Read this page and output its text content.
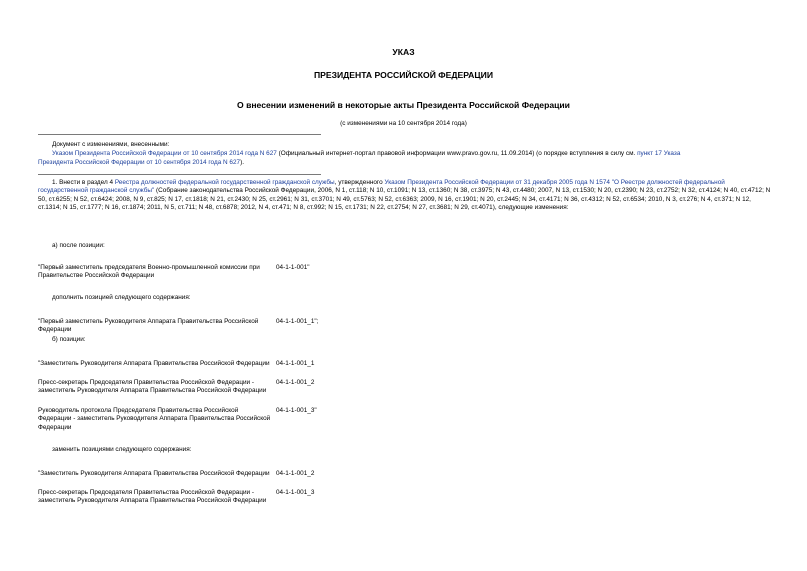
УКАЗ
ПРЕЗИДЕНТА РОССИЙСКОЙ ФЕДЕРАЦИИ
О внесении изменений в некоторые акты Президента Российской Федерации
(с изменениями на 10 сентября 2014 года)
Документ с изменениями, внесенными:
Указом Президента Российской Федерации от 10 сентября 2014 года N 627 (Официальный интернет-портал правовой информации www.pravo.gov.ru, 11.09.2014) (о порядке вступления в силу см. пункт 17 Указа
Президента Российской Федерации от 10 сентября 2014 года N 627).
1. Внести в раздел 4 Реестра должностей федеральной государственной гражданской службы, утвержденного Указом Президента Российской Федерации от 31 декабря 2005 года N 1574 "О Реестре должностей федеральной государственной гражданской службы" (Собрание законодательства Российской Федерации, 2006, N 1, ст.118; N 10, ст.1091; N 13, ст.1360; N 38, ст.3975; N 43, ст.4480; 2007, N 13, ст.1530; N 20, ст.2390; N 23, ст.2752; N 32, ст.4124; N 40, ст.4712; N 50, ст.6255; N 52, ст.6424; 2008, N 9, ст.825; N 17, ст.1818; N 21, ст.2430; N 25, ст.2961; N 31, ст.3701; N 49, ст.5763; N 52, ст.6363; 2009, N 16, ст.1901; N 20, ст.2445; N 34, ст.4171; N 36, ст.4312; N 52, ст.6534; 2010, N 3, ст.276; N 4, ст.371; N 12, ст.1314; N 15, ст.1777; N 16, ст.1874; 2011, N 5, ст.711; N 48, ст.6878; 2012, N 4, ст.471; N 8, ст.992; N 15, ст.1731; N 22, ст.2754; N 27, ст.3681; N 29, ст.4071), следующие изменения:
а) после позиции:
"Первый заместитель председателя Военно-промышленной комиссии при Правительстве Российской Федерации
04-1-1-001"
дополнить позицией следующего содержания:
"Первый заместитель Руководителя Аппарата Правительства Российской Федерации
04-1-1-001_1";
б) позиции:
"Заместитель Руководителя Аппарата Правительства Российской Федерации 04-1-1-001_1
Пресс-секретарь Председателя Правительства Российской Федерации - заместитель Руководителя Аппарата Правительства Российской Федерации
04-1-1-001_2
Руководитель протокола Председателя Правительства Российской Федерации - заместитель Руководителя Аппарата Правительства Российской Федерации
04-1-1-001_3"
заменить позициями следующего содержания:
"Заместитель Руководителя Аппарата Правительства Российской Федерации 04-1-1-001_2
Пресс-секретарь Председателя Правительства Российской Федерации - заместитель Руководителя Аппарата Правительства Российской Федерации
04-1-1-001_3
